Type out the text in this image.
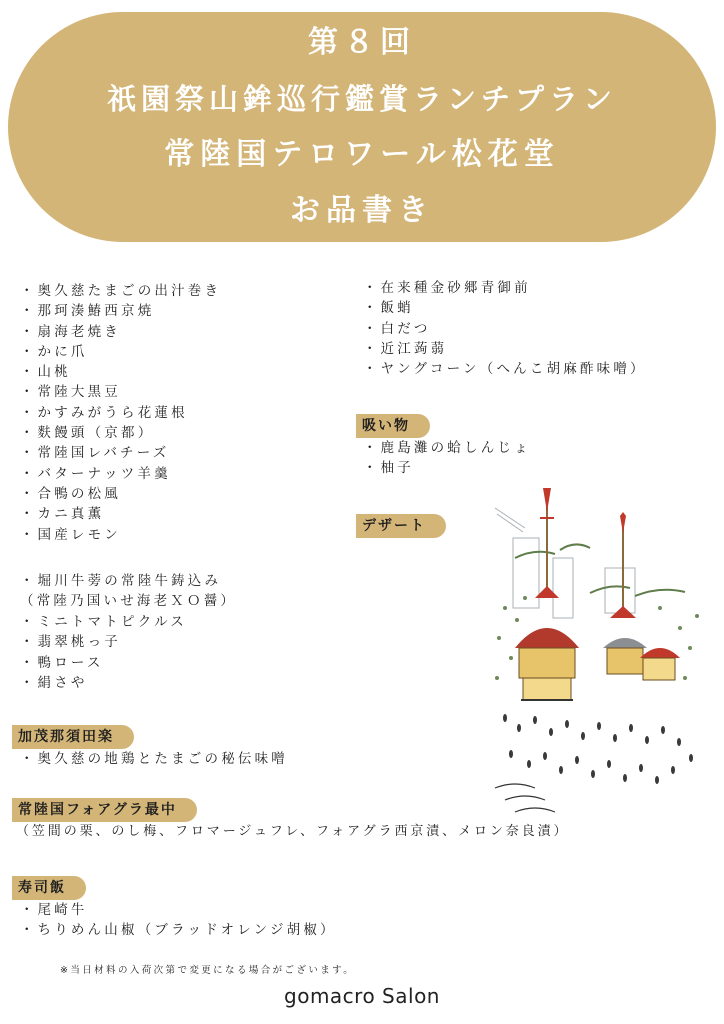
第８回
祇園祭山鉾巡行鑑賞ランチプラン
常陸国テロワール松花堂
お品書き
・ 奥久慈たまごの出汁巻き
・ 那珂湊鰆西京焼
・ 扇海老焼き
・ かに爪
・ 山桃
・ 常陸大黒豆
・ かすみがうら花蓮根
・ 麩饅頭（京都）
・ 常陸国レバチーズ
・ バターナッツ羊羹
・ 合鴨の松風
・ カニ真薫
・ 国産レモン
・ 堀川牛蒡の常陸牛鋳込み
（常陸乃国いせ海老ＸＯ醤）
・ ミニトマトピクルス
・ 翡翠桃っ子
・ 鴨ロース
・ 絹さや
・ 在来種金砂郷青御前
・ 飯蛸
・ 白だつ
・ 近江蒟蒻
・ ヤングコーン（へんこ胡麻酢味噌）
吸い物
・ 鹿島灘の蛤しんじょ
・ 柚子
デザート
加茂那須田楽
・ 奥久慈の地鶏とたまごの秘伝味噌
常陸国フォアグラ最中
（笠間の栗、のし梅、フロマージュフレ、フォアグラ西京漬、メロン奈良漬）
寿司飯
・ 尾崎牛
・ ちりめん山椒（ブラッドオレンジ胡椒）
※当日材料の入荷次第で変更になる場合がございます。
gomacro Salon
